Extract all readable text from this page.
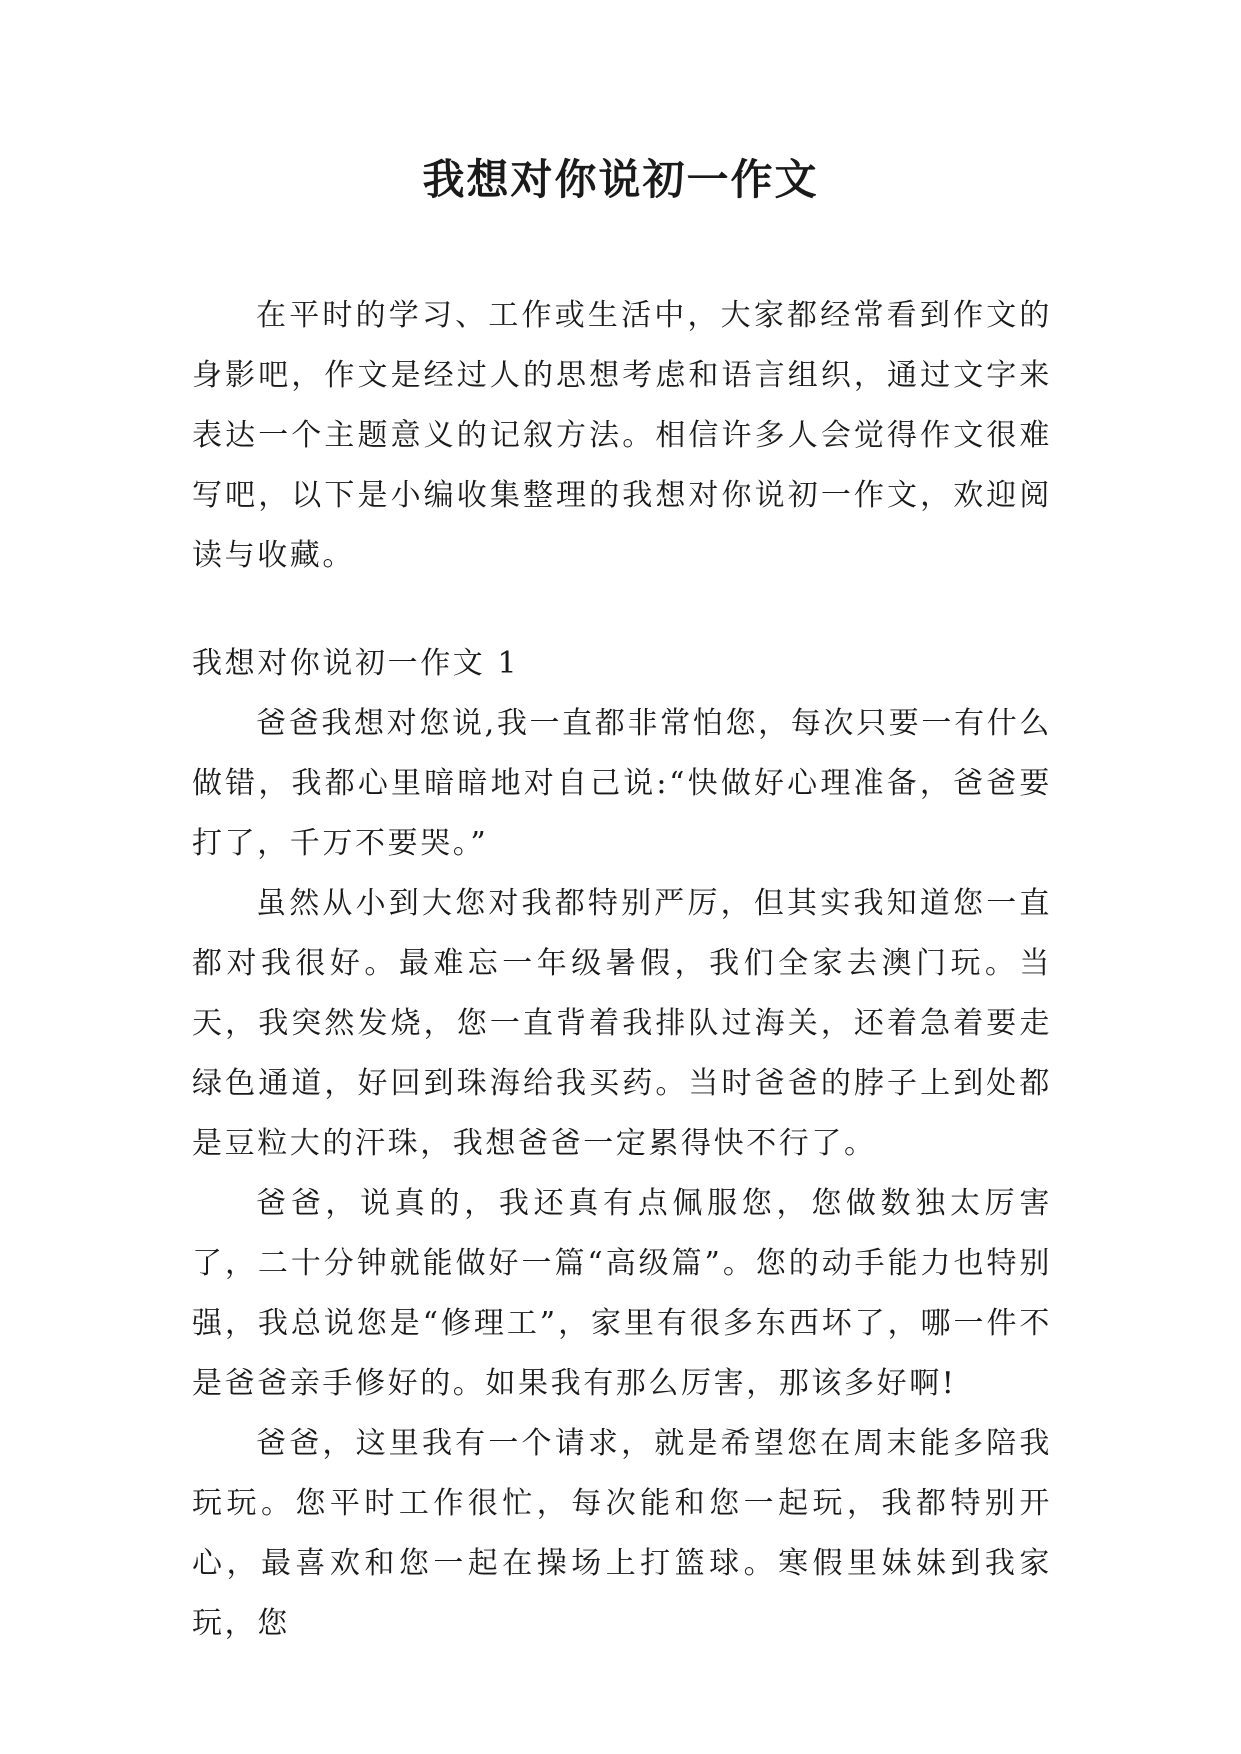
我想对你说初一作文

在平时的学习、工作或生活中，大家都经常看到作文的身影吧，作文是经过人的思想考虑和语言组织，通过文字来表达一个主题意义的记叙方法。相信许多人会觉得作文很难写吧，以下是小编收集整理的我想对你说初一作文，欢迎阅读与收藏。

我想对你说初一作文 1

爸爸我想对您说,我一直都非常怕您，每次只要一有什么做错，我都心里暗暗地对自己说:“快做好心理准备，爸爸要打了，千万不要哭。”

虽然从小到大您对我都特别严厉，但其实我知道您一直都对我很好。最难忘一年级暑假，我们全家去澳门玩。当天，我突然发烧，您一直背着我排队过海关，还着急着要走绿色通道，好回到珠海给我买药。当时爸爸的脖子上到处都是豆粒大的汗珠，我想爸爸一定累得快不行了。

爸爸，说真的，我还真有点佩服您，您做数独太厉害了，二十分钟就能做好一篇“高级篇”。您的动手能力也特别强，我总说您是“修理工”，家里有很多东西坏了，哪一件不是爸爸亲手修好的。如果我有那么厉害，那该多好啊!

爸爸，这里我有一个请求，就是希望您在周末能多陪我玩玩。您平时工作很忙，每次能和您一起玩，我都特别开心，最喜欢和您一起在操场上打篮球。寒假里妹妹到我家玩，您
